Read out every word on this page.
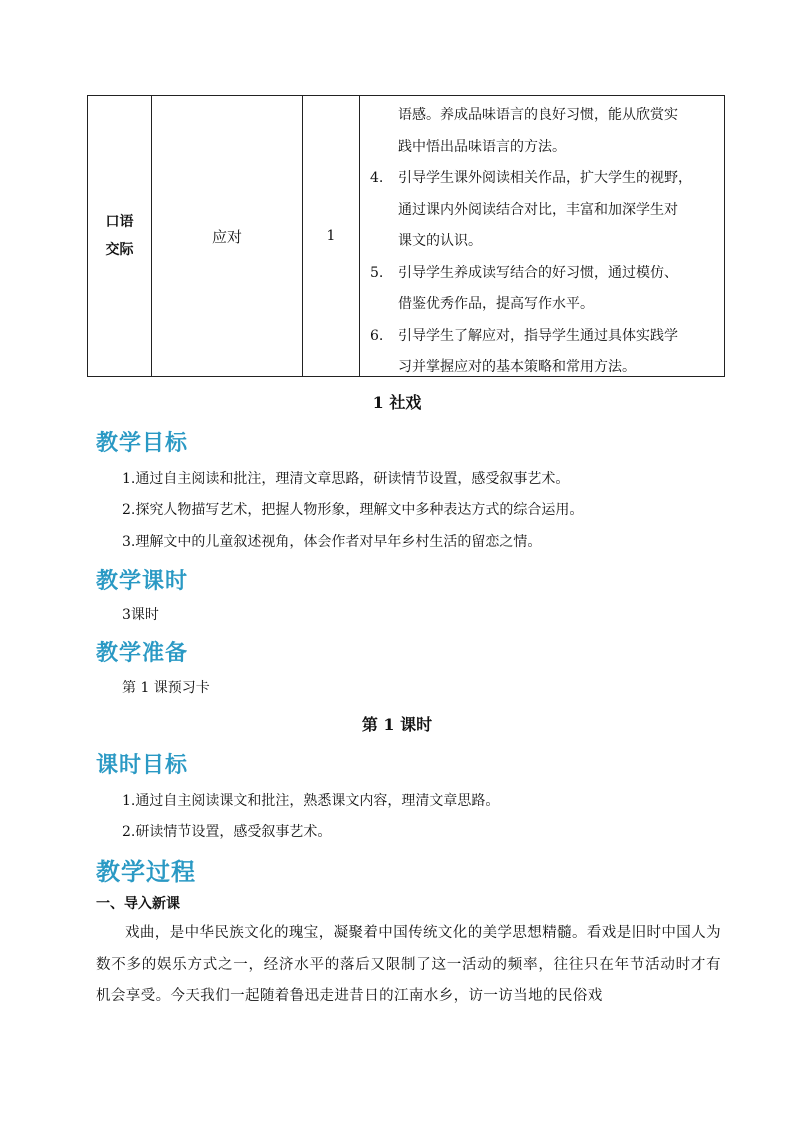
口语
交际
应对	1
语感。养成品味语言的良好习惯，能从欣赏实
践中悟出品味语言的方法。
4. 引导学生课外阅读相关作品，扩大学生的视野，
通过课内外阅读结合对比，丰富和加深学生对
课文的认识。
5. 引导学生养成读写结合的好习惯，通过模仿、
借鉴优秀作品，提高写作水平。
6. 引导学生了解应对，指导学生通过具体实践学
习并掌握应对的基本策略和常用方法。
1 社戏
教学目标
1.通过自主阅读和批注，理清文章思路，研读情节设置，感受叙事艺术。
2.探究人物描写艺术，把握人物形象，理解文中多种表达方式的综合运用。
3.理解文中的儿童叙述视角，体会作者对早年乡村生活的留恋之情。
教学课时
3课时
教学准备
第 1 课预习卡
第 1 课时
课时目标
1.通过自主阅读课文和批注，熟悉课文内容，理清文章思路。
2.研读情节设置，感受叙事艺术。
教学过程
一、导入新课
戏曲，是中华民族文化的瑰宝，凝聚着中国传统文化的美学思想精髓。看戏是旧时中国人为数不多的娱乐方式之一，经济水平的落后又限制了这一活动的频率，往往只在年节活动时才有机会享受。今天我们一起随着鲁迅走进昔日的江南水乡，访一访当地的民俗戏
